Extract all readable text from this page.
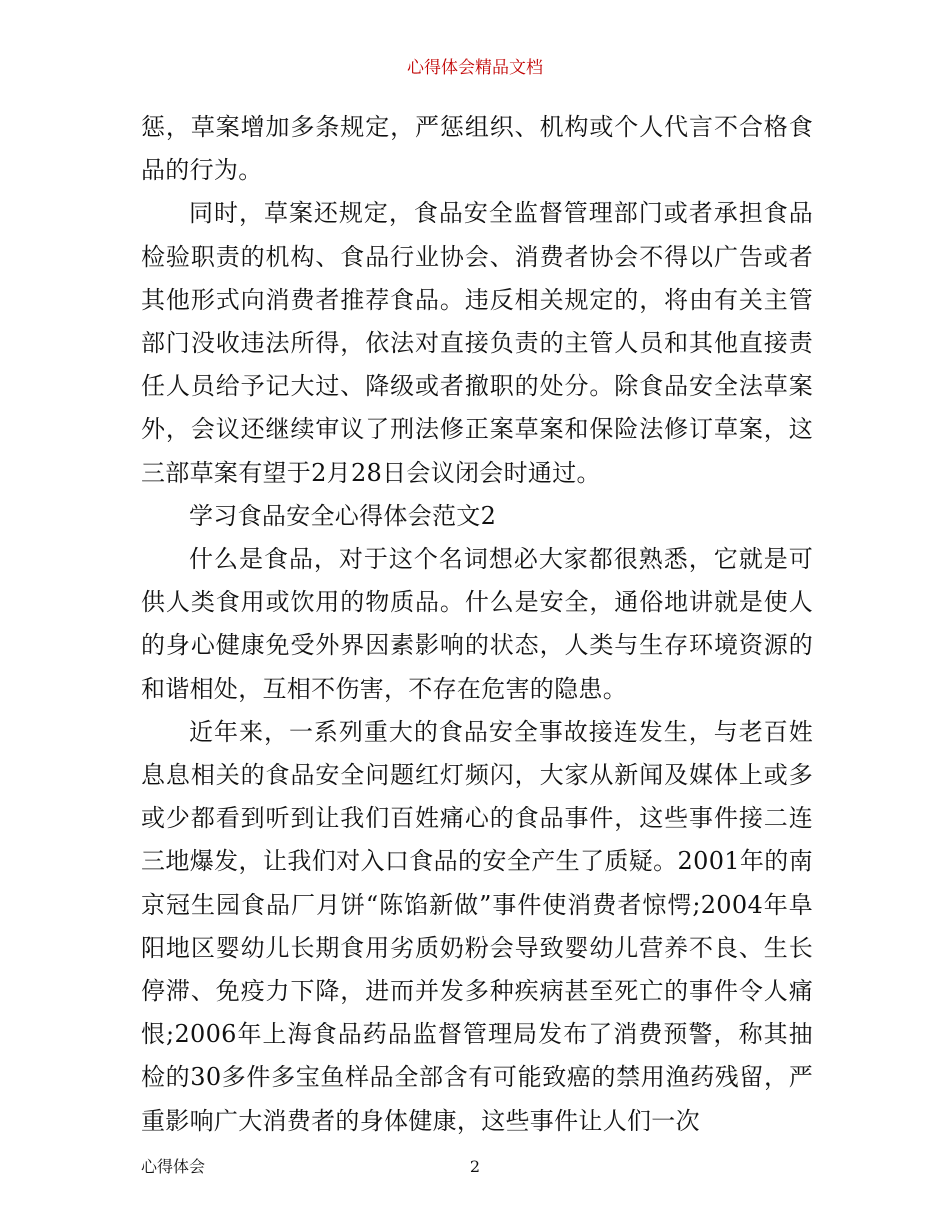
心得体会精品文档

惩，草案增加多条规定，严惩组织、机构或个人代言不合格食品的行为。

同时，草案还规定，食品安全监督管理部门或者承担食品检验职责的机构、食品行业协会、消费者协会不得以广告或者其他形式向消费者推荐食品。违反相关规定的，将由有关主管部门没收违法所得，依法对直接负责的主管人员和其他直接责任人员给予记大过、降级或者撤职的处分。除食品安全法草案外，会议还继续审议了刑法修正案草案和保险法修订草案，这三部草案有望于2月28日会议闭会时通过。

学习食品安全心得体会范文2

什么是食品，对于这个名词想必大家都很熟悉，它就是可供人类食用或饮用的物质品。什么是安全，通俗地讲就是使人的身心健康免受外界因素影响的状态，人类与生存环境资源的和谐相处，互相不伤害，不存在危害的隐患。

近年来，一系列重大的食品安全事故接连发生，与老百姓息息相关的食品安全问题红灯频闪，大家从新闻及媒体上或多或少都看到听到让我们百姓痛心的食品事件，这些事件接二连三地爆发，让我们对入口食品的安全产生了质疑。2001年的南京冠生园食品厂月饼“陈馅新做”事件使消费者惊愕;2004年阜阳地区婴幼儿长期食用劣质奶粉会导致婴幼儿营养不良、生长停滞、免疫力下降，进而并发多种疾病甚至死亡的事件令人痛恨;2006年上海食品药品监督管理局发布了消费预警，称其抽检的30多件多宝鱼样品全部含有可能致癌的禁用渔药残留，严重影响广大消费者的身体健康，这些事件让人们一次

心得体会	2
